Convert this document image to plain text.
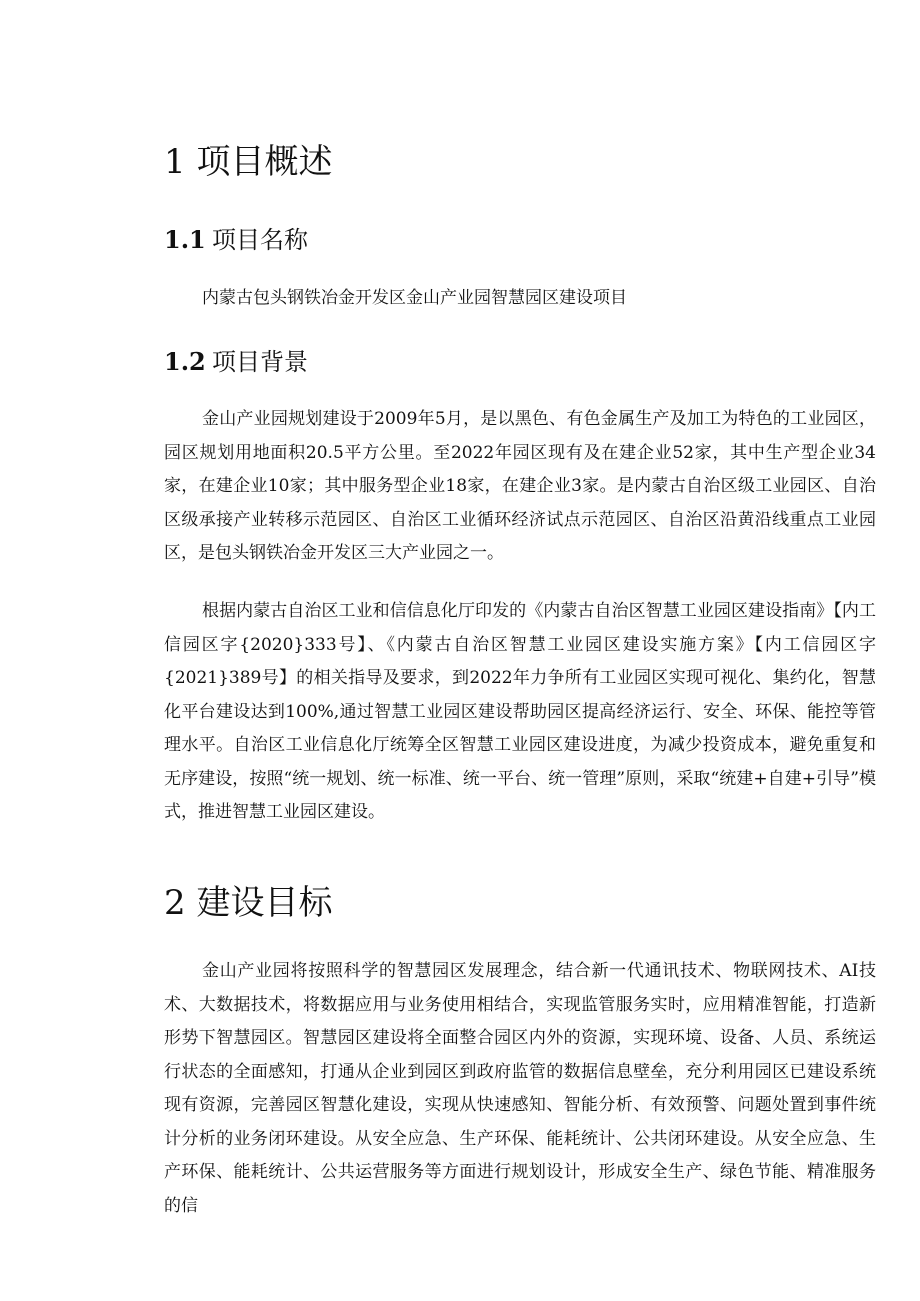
1 项目概述
1.1 项目名称

内蒙古包头钢铁冶金开发区金山产业园智慧园区建设项目

1.2 项目背景

金山产业园规划建设于2009年5月，是以黑色、有色金属生产及加工为特色的工业园区，园区规划用地面积20.5平方公里。至2022年园区现有及在建企业52家，其中生产型企业34家，在建企业10家；其中服务型企业18家，在建企业3家。是内蒙古自治区级工业园区、自治区级承接产业转移示范园区、自治区工业循环经济试点示范园区、自治区沿黄沿线重点工业园区，是包头钢铁冶金开发区三大产业园之一。

根据内蒙古自治区工业和信信息化厅印发的《内蒙古自治区智慧工业园区建设指南》【内工信园区字{2020}333号】、《内蒙古自治区智慧工业园区建设实施方案》【内工信园区字{2021}389号】的相关指导及要求，到2022年力争所有工业园区实现可视化、集约化，智慧化平台建设达到100%,通过智慧工业园区建设帮助园区提高经济运行、安全、环保、能控等管理水平。自治区工业信息化厅统筹全区智慧工业园区建设进度，为减少投资成本，避免重复和无序建设，按照“统一规划、统一标准、统一平台、统一管理”原则，采取“统建+自建+引导”模式，推进智慧工业园区建设。

2 建设目标

金山产业园将按照科学的智慧园区发展理念，结合新一代通讯技术、物联网技术、AI技术、大数据技术，将数据应用与业务使用相结合，实现监管服务实时，应用精准智能，打造新形势下智慧园区。智慧园区建设将全面整合园区内外的资源，实现环境、设备、人员、系统运行状态的全面感知，打通从企业到园区到政府监管的数据信息壁垒，充分利用园区已建设系统现有资源，完善园区智慧化建设，实现从快速感知、智能分析、有效预警、问题处置到事件统计分析的业务闭环建设。从安全应急、生产环保、能耗统计、公共闭环建设。从安全应急、生产环保、能耗统计、公共运营服务等方面进行规划设计，形成安全生产、绿色节能、精准服务的信
